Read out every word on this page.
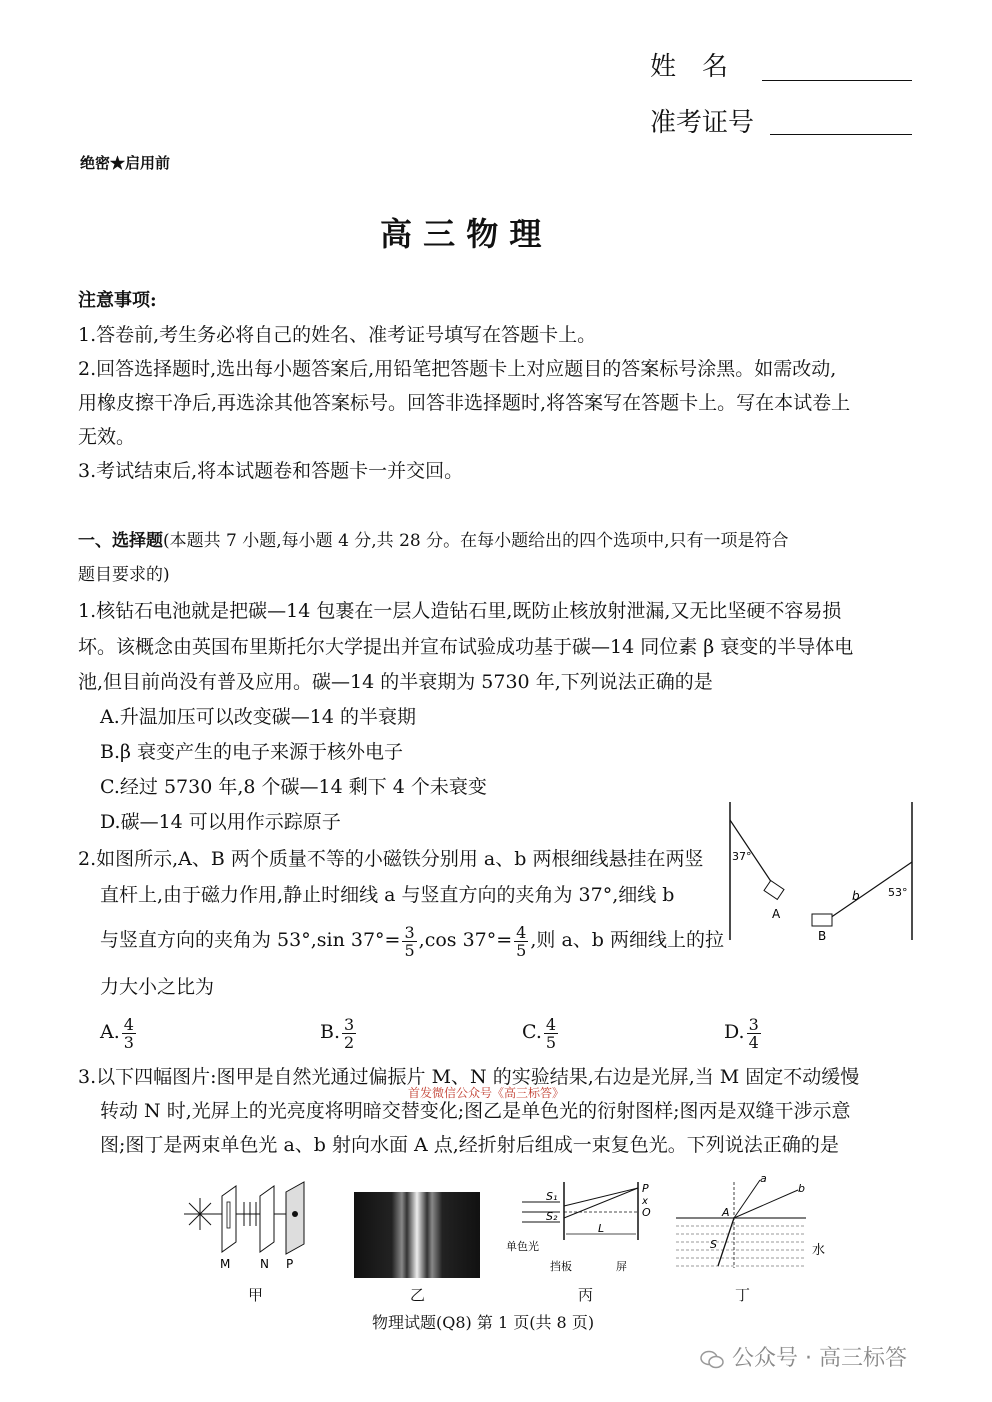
姓　名
准考证号
绝密★启用前
高 三 物 理
注意事项:
1.答卷前,考生务必将自己的姓名、准考证号填写在答题卡上。
2.回答选择题时,选出每小题答案后,用铅笔把答题卡上对应题目的答案标号涂黑。如需改动,
用橡皮擦干净后,再选涂其他答案标号。回答非选择题时,将答案写在答题卡上。写在本试卷上
无效。
3.考试结束后,将本试题卷和答题卡一并交回。
一、选择题(本题共 7 小题,每小题 4 分,共 28 分。在每小题给出的四个选项中,只有一项是符合
题目要求的)
1.核钻石电池就是把碳—14 包裹在一层人造钻石里,既防止核放射泄漏,又无比坚硬不容易损
坏。该概念由英国布里斯托尔大学提出并宣布试验成功基于碳—14 同位素 β 衰变的半导体电
池,但目前尚没有普及应用。碳—14 的半衰期为 5730 年,下列说法正确的是
A.升温加压可以改变碳—14 的半衰期
B.β 衰变产生的电子来源于核外电子
C.经过 5730 年,8 个碳—14 剩下 4 个未衰变
D.碳—14 可以用作示踪原子
2.如图所示,A、B 两个质量不等的小磁铁分别用 a、b 两根细线悬挂在两竖
直杆上,由于磁力作用,静止时细线 a 与竖直方向的夹角为 37°,细线 b
与竖直方向的夹角为 53°,sin $37^\circ= \frac{3}{5} ,\cos$ $37^\circ= \frac{4}{5}$ ,则 a、b 两细线上的拉
力大小之比为
A. $\frac{4}{3}$	B. $\frac{3}{2}$	C. $\frac{4}{5}$	D. $\frac{3}{4}$
37°
A
53°
b
B
3.以下四幅图片:图甲是自然光通过偏振片 M、N 的实验结果,右边是光屏,当 M 固定不动缓慢
首发微信公众号《高三标答》
转动 N 时,光屏上的光亮度将明暗交替变化;图乙是单色光的衍射图样;图丙是双缝干涉示意
图;图丁是两束单色光 a、b 射向水面 A 点,经折射后组成一束复色光。下列说法正确的是
M N P
甲	乙
S₁
S₂
P
x
O
L
单色光
挡板	屏
丙
a
b
A
S	水
丁
物理试题(Q8) 第 1 页(共 8 页)
公众号 · 高三标答
